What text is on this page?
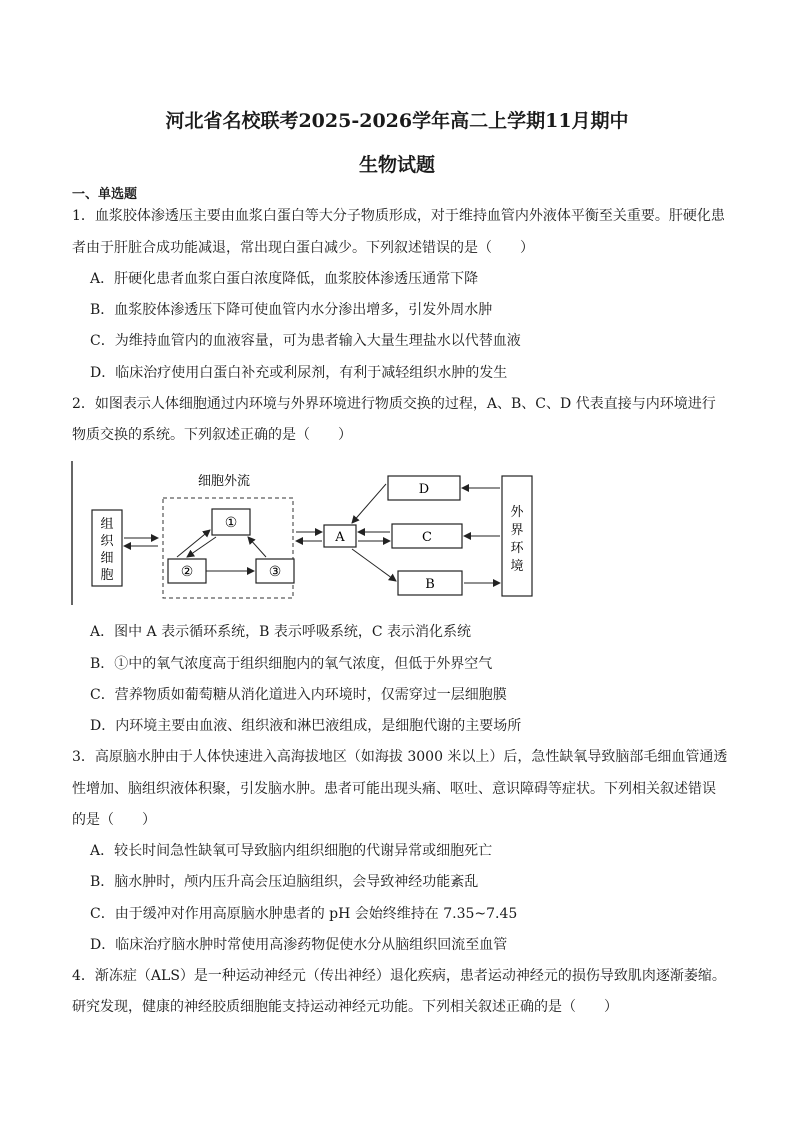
河北省名校联考2025-2026学年高二上学期11月期中
生物试题
一、单选题
1．血浆胶体渗透压主要由血浆白蛋白等大分子物质形成，对于维持血管内外液体平衡至关重要。肝硬化患
者由于肝脏合成功能减退，常出现白蛋白减少。下列叙述错误的是（　　）
A．肝硬化患者血浆白蛋白浓度降低，血浆胶体渗透压通常下降
B．血浆胶体渗透压下降可使血管内水分渗出增多，引发外周水肿
C．为维持血管内的血液容量，可为患者输入大量生理盐水以代替血液
D．临床治疗使用白蛋白补充或利尿剂，有利于减轻组织水肿的发生
2．如图表示人体细胞通过内环境与外界环境进行物质交换的过程，A、B、C、D 代表直接与内环境进行
物质交换的系统。下列叙述正确的是（　　）
组
织
细
胞
细胞外流
①
②	③
A
D
C
B
外
界
环
境
A．图中 A 表示循环系统，B 表示呼吸系统，C 表示消化系统
B．①中的氧气浓度高于组织细胞内的氧气浓度，但低于外界空气
C．营养物质如葡萄糖从消化道进入内环境时，仅需穿过一层细胞膜
D．内环境主要由血液、组织液和淋巴液组成，是细胞代谢的主要场所
3．高原脑水肿由于人体快速进入高海拔地区（如海拔 3000 米以上）后，急性缺氧导致脑部毛细血管通透
性增加、脑组织液体积聚，引发脑水肿。患者可能出现头痛、呕吐、意识障碍等症状。下列相关叙述错误
的是（　　）
A．较长时间急性缺氧可导致脑内组织细胞的代谢异常或细胞死亡
B．脑水肿时，颅内压升高会压迫脑组织，会导致神经功能紊乱
C．由于缓冲对作用高原脑水肿患者的 pH 会始终维持在 7.35~7.45
D．临床治疗脑水肿时常使用高渗药物促使水分从脑组织回流至血管
4．渐冻症（ALS）是一种运动神经元（传出神经）退化疾病，患者运动神经元的损伤导致肌肉逐渐萎缩。
研究发现，健康的神经胶质细胞能支持运动神经元功能。下列相关叙述正确的是（　　）
